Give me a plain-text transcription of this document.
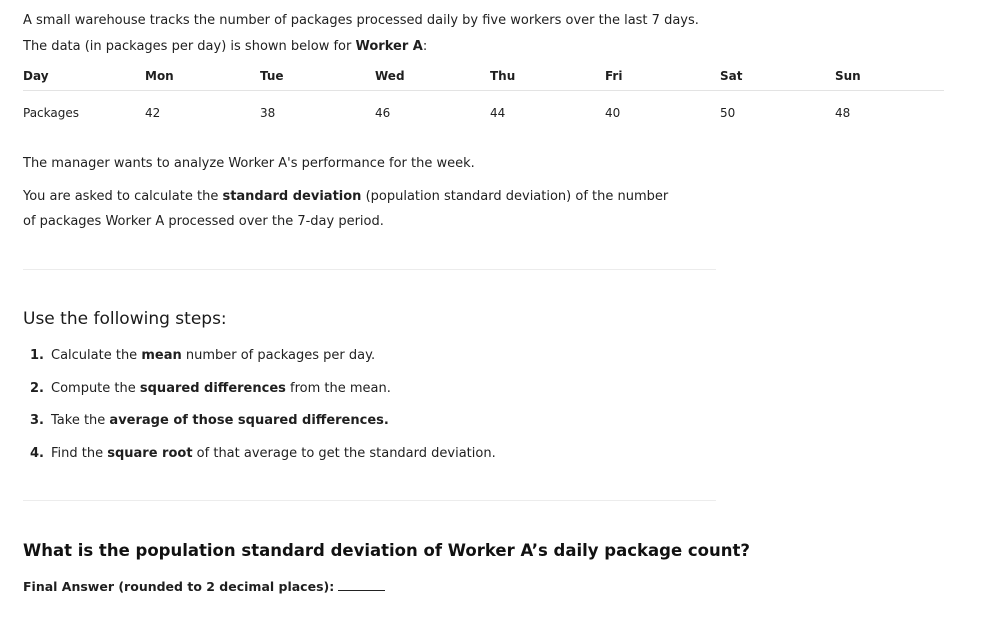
A small warehouse tracks the number of packages processed daily by five workers over the last 7 days. The data (in packages per day) is shown below for Worker A:

Day	Mon	Tue	Wed	Thu	Fri	Sat	Sun
Packages	42	38	46	44	40	50	48

The manager wants to analyze Worker A's performance for the week.

You are asked to calculate the standard deviation (population standard deviation) of the number of packages Worker A processed over the 7-day period.

Use the following steps:
1. Calculate the mean number of packages per day.
2. Compute the squared differences from the mean.
3. Take the average of those squared differences.
4. Find the square root of that average to get the standard deviation.
What is the population standard deviation of Worker A’s daily package count?

Final Answer (rounded to 2 decimal places):
